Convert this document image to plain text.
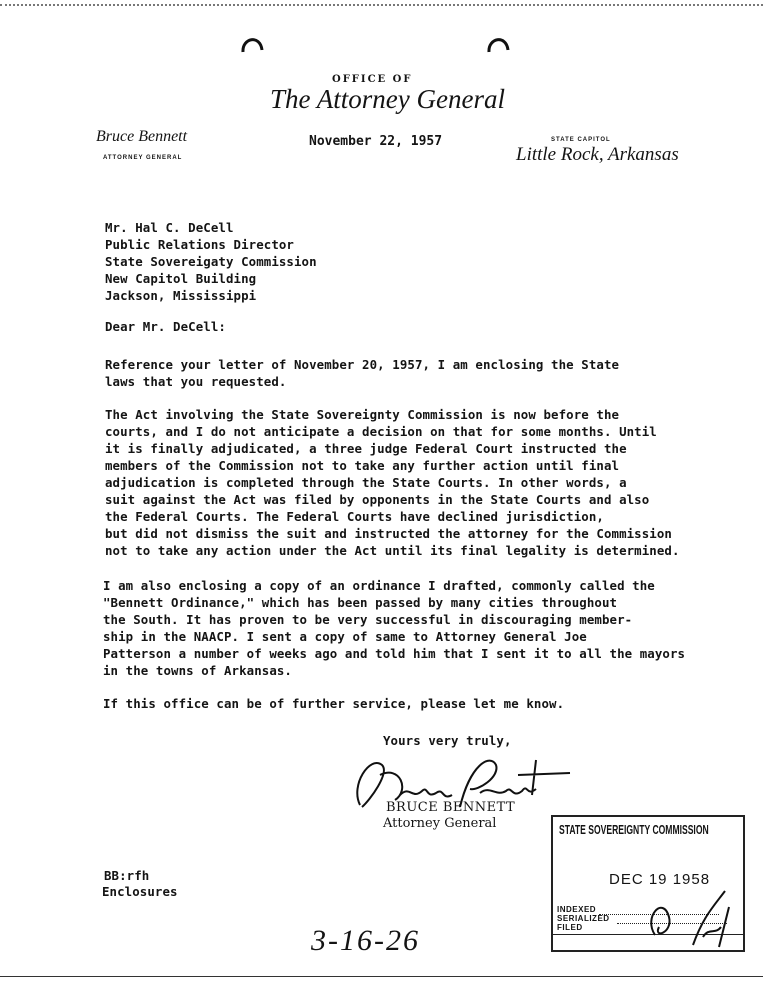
OFFICE OF
The Attorney General
Bruce Bennett
ATTORNEY GENERAL
November 22, 1957	STATE CAPITOL
Little Rock, Arkansas
Mr. Hal C. DeCell
Public Relations Director
State Sovereigaty Commission
New Capitol Building
Jackson, Mississippi
Dear Mr. DeCell:
Reference your letter of November 20, 1957, I am enclosing the State
laws that you requested.
The Act involving the State Sovereignty Commission is now before the
courts, and I do not anticipate a decision on that for some months. Until
it is finally adjudicated, a three judge Federal Court instructed the
members of the Commission not to take any further action until final
adjudication is completed through the State Courts. In other words, a
suit against the Act was filed by opponents in the State Courts and also
the Federal Courts. The Federal Courts have declined jurisdiction,
but did not dismiss the suit and instructed the attorney for the Commission
not to take any action under the Act until its final legality is determined.
I am also enclosing a copy of an ordinance I drafted, commonly called the
"Bennett Ordinance," which has been passed by many cities throughout
the South. It has proven to be very successful in discouraging member-
ship in the NAACP. I sent a copy of same to Attorney General Joe
Patterson a number of weeks ago and told him that I sent it to all the mayors
in the towns of Arkansas.
If this office can be of further service, please let me know.
Yours very truly,
BRUCE BENNETT
Attorney General
BB:rfh
Enclosures
STATE SOVEREIGNTY COMMISSION
DEC 19 1958
INDEXED
SERIALIZED
FILED
3-16-26
